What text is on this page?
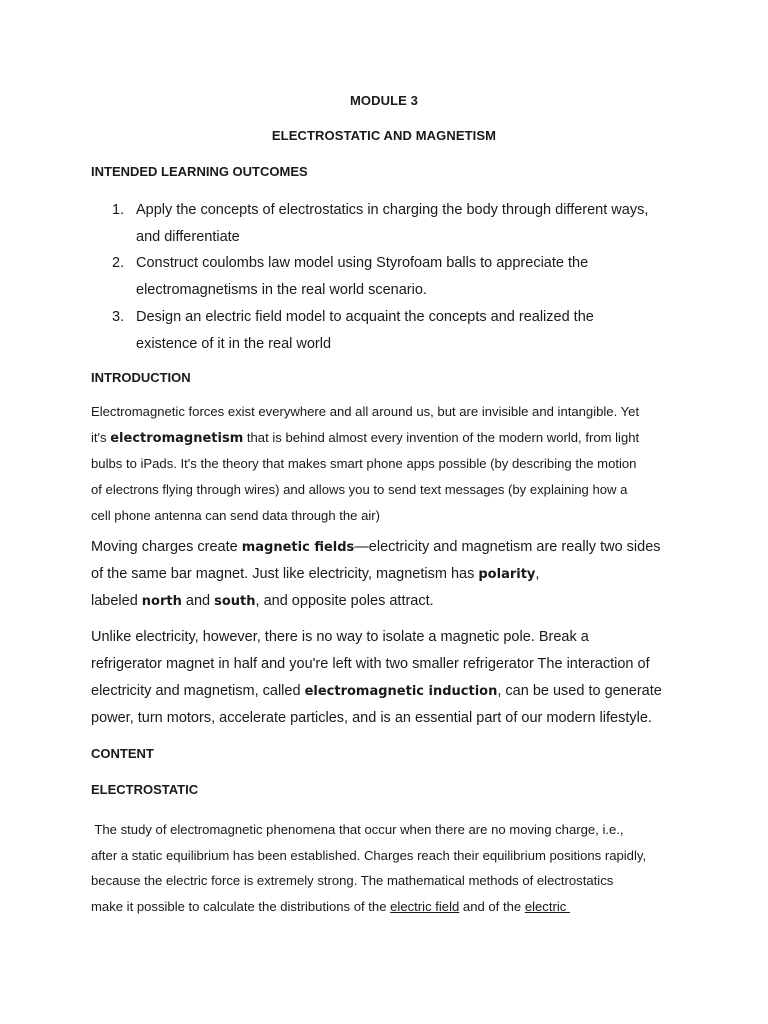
MODULE 3
ELECTROSTATIC AND MAGNETISM
INTENDED LEARNING OUTCOMES
1. Apply the concepts of electrostatics in charging the body through different ways,
and differentiate
2. Construct coulombs law model using Styrofoam balls to appreciate the
electromagnetisms in the real world scenario.
3. Design an electric field model to acquaint the concepts and realized the
existence of it in the real world
INTRODUCTION
Electromagnetic forces exist everywhere and all around us, but are invisible and intangible. Yet
it's electromagnetism that is behind almost every invention of the modern world, from light
bulbs to iPads. It's the theory that makes smart phone apps possible (by describing the motion
of electrons flying through wires) and allows you to send text messages (by explaining how a
cell phone antenna can send data through the air)
Moving charges create magnetic fields—electricity and magnetism are really two sides
of the same bar magnet. Just like electricity, magnetism has polarity,
labeled north and south, and opposite poles attract.
Unlike electricity, however, there is no way to isolate a magnetic pole. Break a
refrigerator magnet in half and you're left with two smaller refrigerator The interaction of
electricity and magnetism, called electromagnetic induction, can be used to generate
power, turn motors, accelerate particles, and is an essential part of our modern lifestyle.
CONTENT
ELECTROSTATIC
The study of electromagnetic phenomena that occur when there are no moving charge, i.e.,
after a static equilibrium has been established. Charges reach their equilibrium positions rapidly,
because the electric force is extremely strong. The mathematical methods of electrostatics
make it possible to calculate the distributions of the electric field and of the electric
